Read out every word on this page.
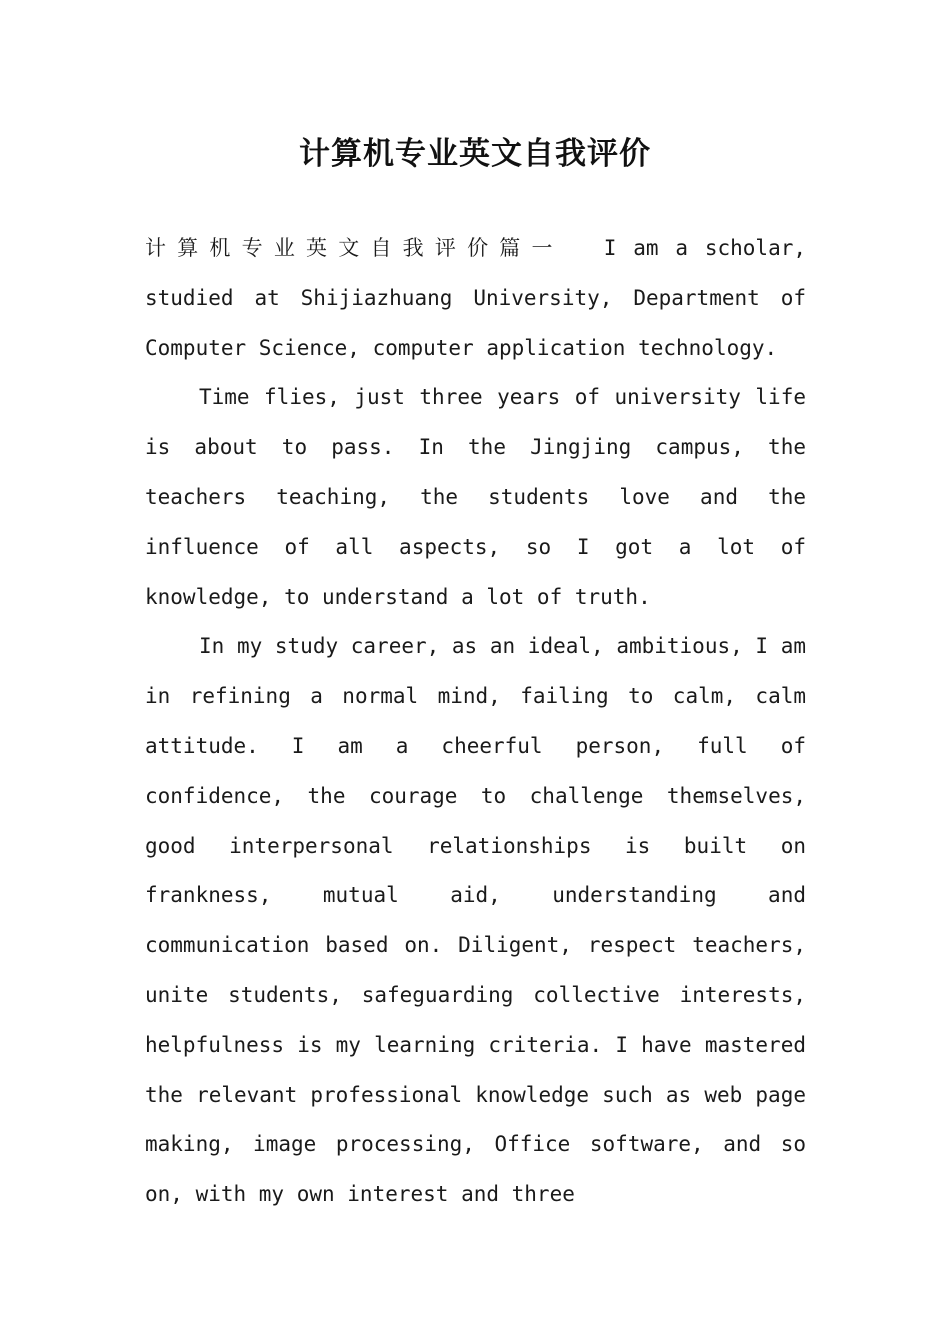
计算机专业英文自我评价

计算机专业英文自我评价篇一 I am a scholar, studied at Shijiazhuang University, Department of Computer Science, computer application technology.

Time flies, just three years of university life is about to pass. In the Jingjing campus, the teachers teaching, the students love and the influence of all aspects, so I got a lot of knowledge, to understand a lot of truth.

In my study career, as an ideal, ambitious, I am in refining a normal mind, failing to calm, calm attitude. I am a cheerful person, full of confidence, the courage to challenge themselves, good interpersonal relationships is built on frankness, mutual aid, understanding and communication based on. Diligent, respect teachers, unite students, safeguarding collective interests, helpfulness is my learning criteria. I have mastered the relevant professional knowledge such as web page making, image processing, Office software, and so on, with my own interest and three
